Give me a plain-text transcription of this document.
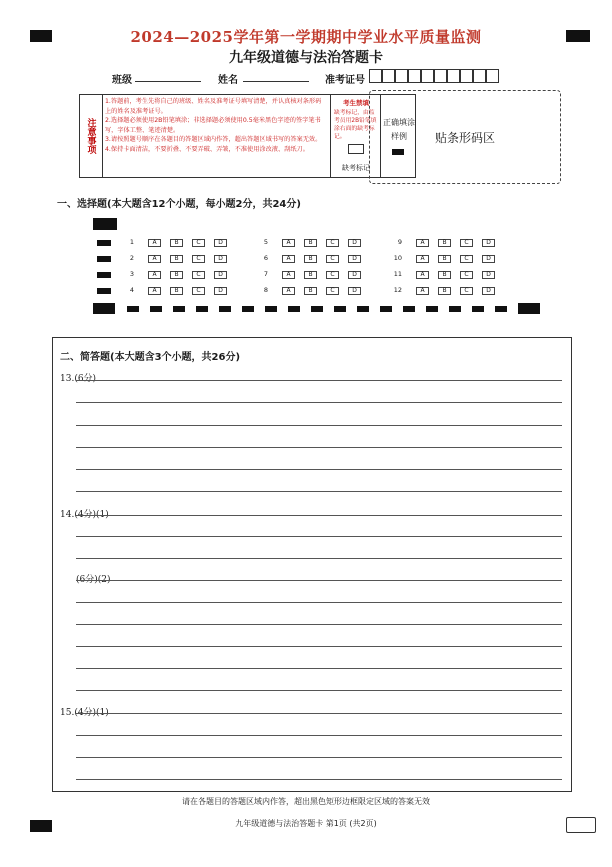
2024—2025学年第一学期期中学业水平质量监测
九年级道德与法治答题卡
班级	姓名	准考证号
注意事项
1.答题前，考生先将自己的班级、姓名及准考证号填写清楚，并认真核对条形码上的姓名及准考证号。
2.选择题必须使用2B铅笔填涂；非选择题必须使用0.5毫米黑色字迹的签字笔书写，字体工整、笔迹清楚。
3.请按照题号顺序在各题目的答题区域内作答，超出答题区域书写的答案无效。
4.保持卡面清洁，不要折叠、不要弄破、弄皱，不准使用涂改液、刮纸刀。
考生禁填
缺考标记，由监考员用2B铅笔填涂右面的缺考标记。
缺考标记
正确填涂
样例	贴条形码区
一、选择题(本大题含12个小题，每小题2分，共24分)
1	A	B	C	D
2	A	B	C	D
3	A	B	C	D
4	A	B	C	D
5	A	B	C	D
6	A	B	C	D
7	A	B	C	D
8	A	B	C	D
9	A	B	C	D
10	A	B	C	D
11	A	B	C	D
12	A	B	C	D
二、简答题(本大题含3个小题，共26分)
13.(6分)
14.(4分)(1)
(6分)(2)
15.(4分)(1)
请在各题目的答题区域内作答，超出黑色矩形边框限定区域的答案无效
九年级道德与法治答题卡 第1页 (共2页)
